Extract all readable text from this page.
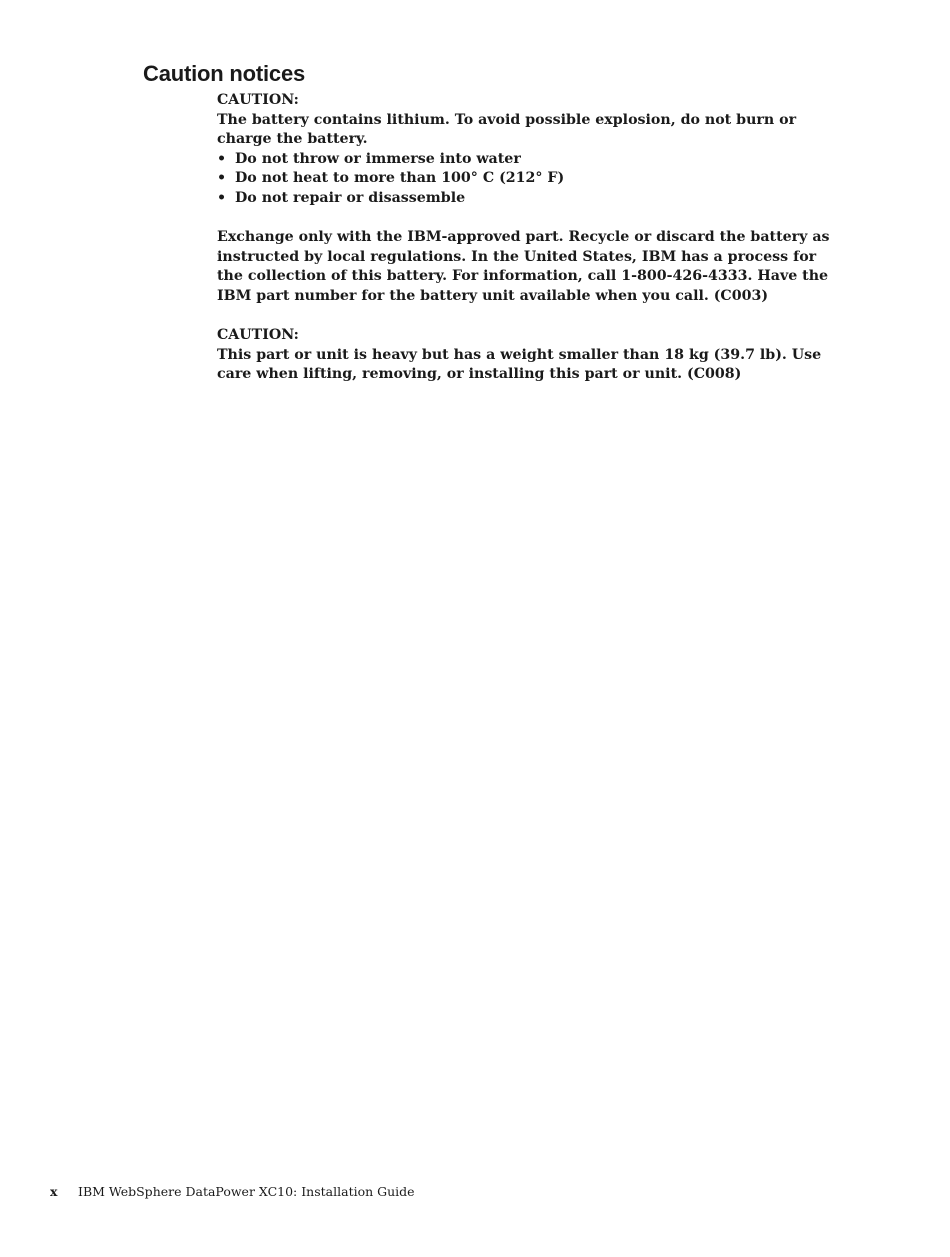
Caution notices

CAUTION:

The battery contains lithium. To avoid possible explosion, do not burn or charge the battery.

• Do not throw or immerse into water
• Do not heat to more than 100° C (212° F)
• Do not repair or disassemble

Exchange only with the IBM-approved part. Recycle or discard the battery as instructed by local regulations. In the United States, IBM has a process for the collection of this battery. For information, call 1-800-426-4333. Have the IBM part number for the battery unit available when you call. (C003)

CAUTION:

This part or unit is heavy but has a weight smaller than 18 kg (39.7 lb). Use care when lifting, removing, or installing this part or unit. (C008)

x IBM WebSphere DataPower XC10: Installation Guide
